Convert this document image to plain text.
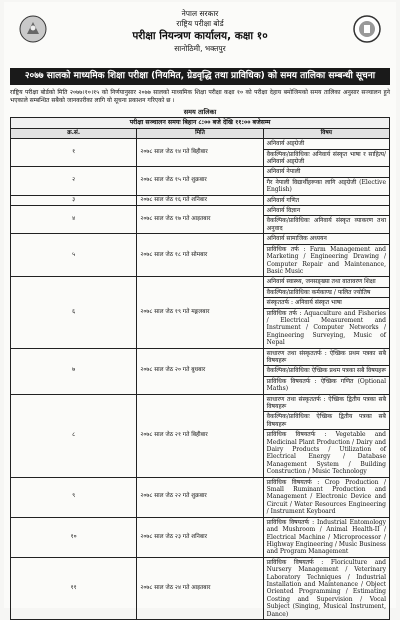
नेपाल सरकार
राष्ट्रिय परीक्षा बोर्ड
परीक्षा नियन्त्रण कार्यालय, कक्षा १०
सानोठिमी, भक्तपुर
२०७७ सालको माध्यमिक शिक्षा परीक्षा (नियमित, ग्रेडवृद्धि तथा प्राविधिक) को समय तालिका सम्बन्धी सूचना
राष्ट्रिय परीक्षा बोर्डको मिति २०७७।१०।१५ को निर्णयानुसार २०७७ सालको माध्यमिक शिक्षा परीक्षा कक्षा १० को परीक्षा देहाय बमोजिमको समय तालिका अनुसार सञ्चालन हुने भएकाले सम्बन्धित सबैको जानकारीका लागि यो सूचना प्रकाशन गरिएको छ ।
समय तालिका
परीक्षा सञ्चालन समयः बिहान ८:०० बजे देखि ११:०० बजेसम्म		
क्र.सं.	मिति	विषय
१	२०७८ साल जेठ १४ गते बिहीबार	अनिवार्य अङ्ग्रेजी
		वैकल्पिक/प्राविधिकः अनिवार्य संस्कृत भाषा र साहित्य/अनिवार्य अङ्ग्रेजी
२	२०७८ साल जेठ १५ गते शुक्रबार	अनिवार्य नेपाली
		गैर नेपाली विद्यार्थीहरूका लागि अङ्ग्रेजी (Elective English)
३	२०७८ साल जेठ १६ गते शनिबार	अनिवार्य गणित
४	२०७८ साल जेठ १७ गते आइतबार	अनिवार्य विज्ञान
		वैकल्पिक/प्राविधिकः अनिवार्य संस्कृत व्याकरण तथा अनुवाद
५	२०७८ साल जेठ १८ गते सोमबार	अनिवार्य सामाजिक अध्ययन
		प्राविधिक तर्फ : Farm Management and Marketing / Engineering Drawing / Computer Repair and Maintenance, Basic Music
६	२०७८ साल जेठ १९ गते मङ्गलबार	अनिवार्य स्वास्थ्य, जनसङ्ख्या तथा वातावरण शिक्षा
		वैकल्पिक/प्राविधिकः कर्मकाण्ड / फलित ज्योतिष
		संस्कृततर्फ : अनिवार्य संस्कृत भाषा
		प्राविधिक तर्फ : Aquaculture and Fisheries / Electrical Measurement and Instrument / Computer Networks / Engineering Surveying, Music of Nepal
७	२०७८ साल जेठ २० गते बुधबार	साधारण तथा संस्कृततर्फ : ऐच्छिक प्रथम पत्रका सबै विषयहरू
		वैकल्पिक/प्राविधिकः ऐच्छिक प्रथम पत्रका सबै विषयहरू
		प्राविधिक विषयतर्फ : ऐच्छिक गणित (Optional Maths)
८	२०७८ साल जेठ २१ गते बिहीबार	साधारण तथा संस्कृततर्फ : ऐच्छिक द्वितीय पत्रका सबै विषयहरू
		वैकल्पिक/प्राविधिकः ऐच्छिक द्वितीय पत्रका सबै विषयहरू
		प्राविधिक विषयतर्फ : Vegetable and Medicinal Plant Production / Dairy and Dairy Products / Utilization of Electrical Energy / Database Management System / Building Construction / Music Technology
९	२०७८ साल जेठ २२ गते शुक्रबार	प्राविधिक विषयतर्फ : Crop Production / Small Ruminant Production and Management / Electronic Device and Circuit / Water Resources Engineering / Instrument Keyboard
१०	२०७८ साल जेठ २३ गते शनिबार	प्राविधिक विषयतर्फ : Industrial Entomology and Mushroom / Animal Health-II / Electrical Machine / Microprocessor / Highway Engineering / Music Business and Program Management
११	२०७८ साल जेठ २४ गते आइतबार	प्राविधिक विषयतर्फ : Floriculture and Nursery Management / Veterinary Laboratory Techniques / Industrial Installation and Maintenance / Object Oriented Programming / Estimating Costing and Supervision / Vocal Subject (Singing, Musical Instrument, Dance)
